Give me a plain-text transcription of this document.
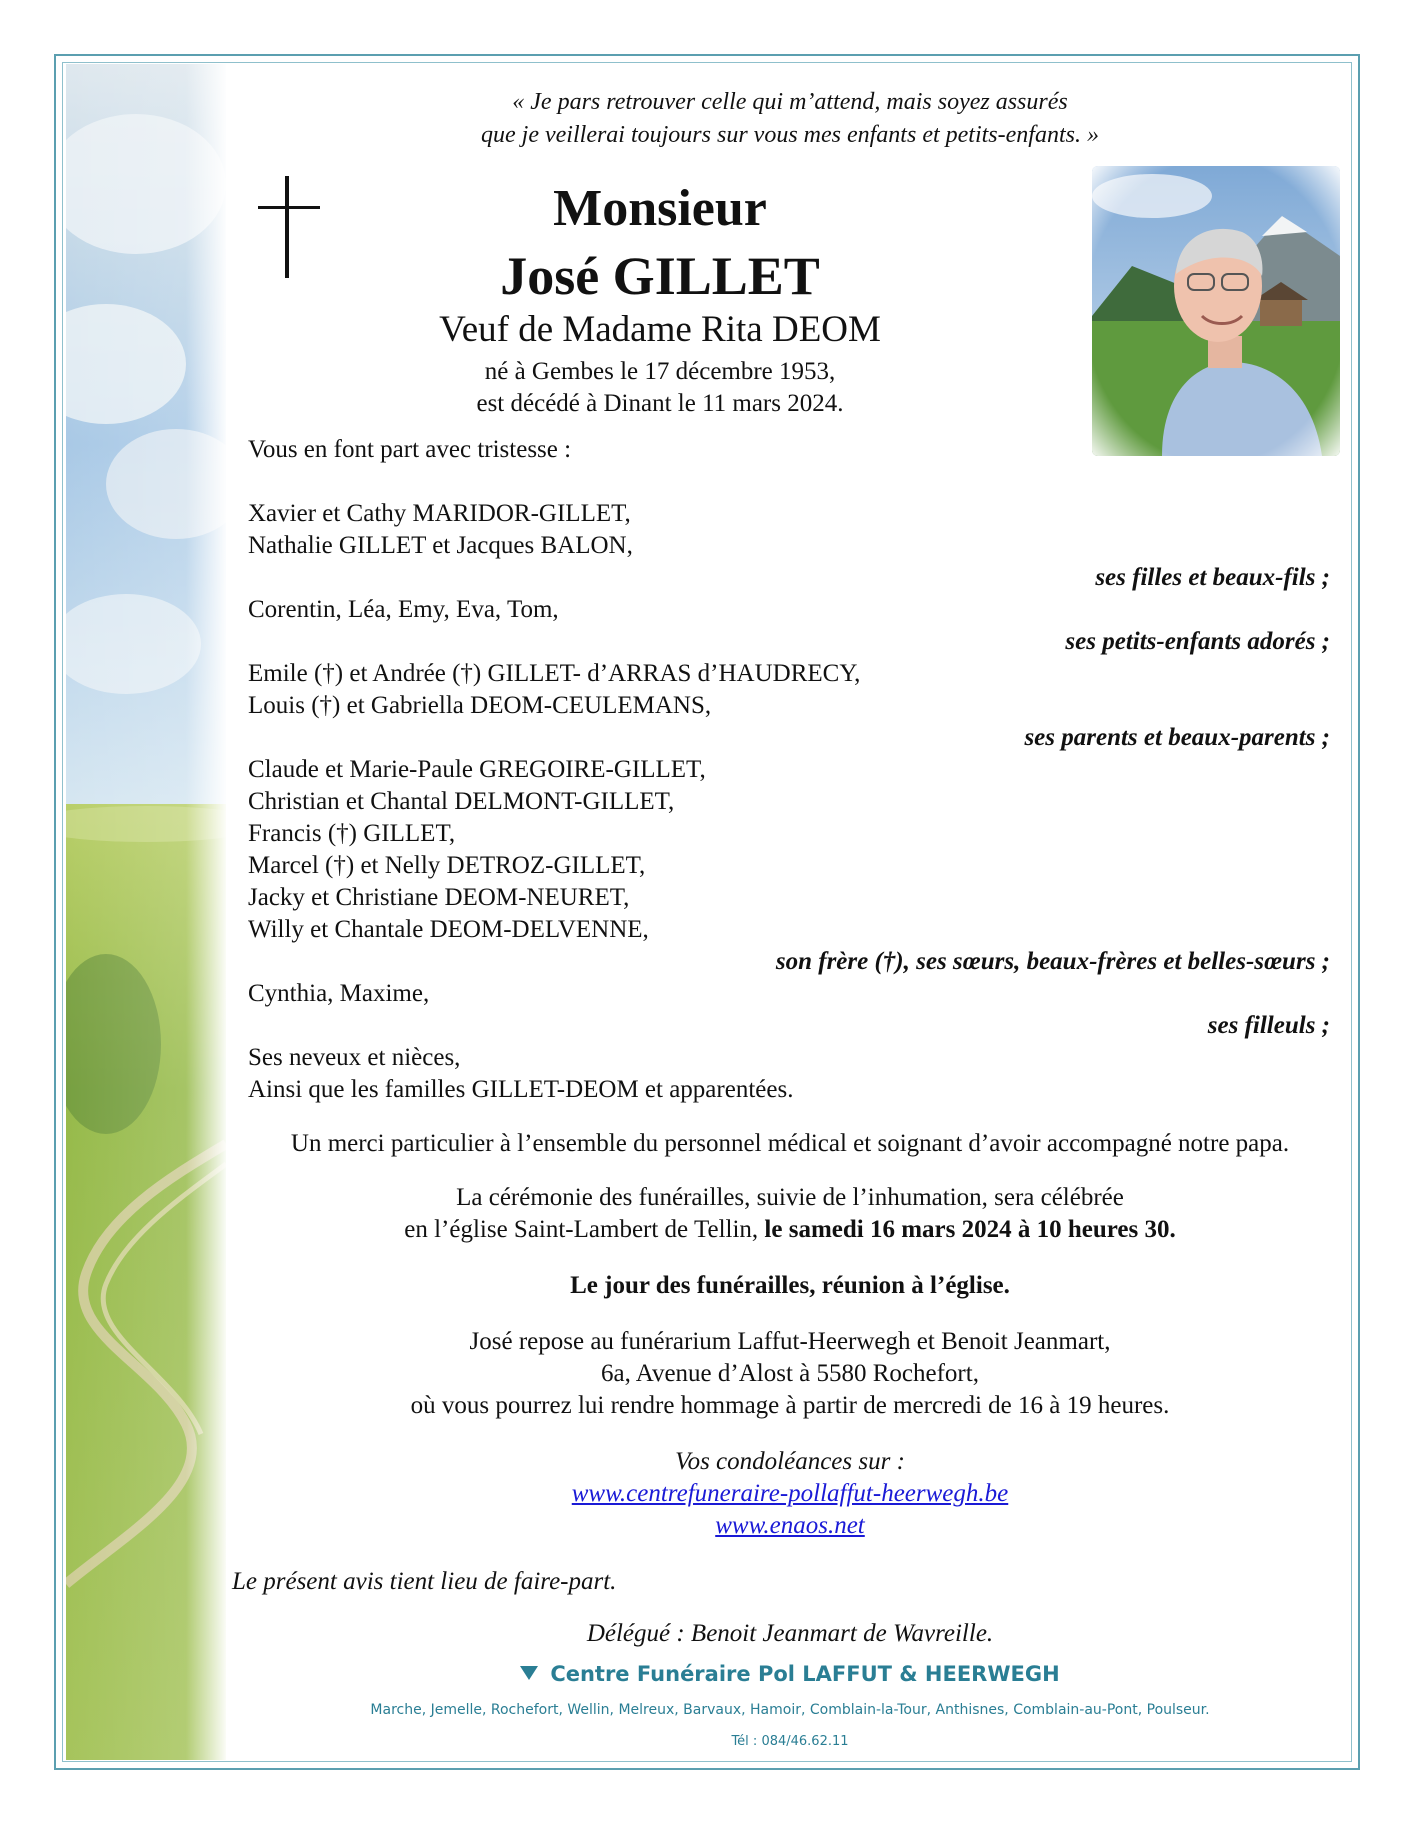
« Je pars retrouver celle qui m’attend, mais soyez assurés
que je veillerai toujours sur vous mes enfants et petits-enfants. »
Monsieur
José GILLET
Veuf de Madame Rita DEOM
né à Gembes le 17 décembre 1953,
est décédé à Dinant le 11 mars 2024.
Vous en font part avec tristesse :
Xavier et Cathy MARIDOR-GILLET,
Nathalie GILLET et Jacques BALON,
ses filles et beaux-fils ;
Corentin, Léa, Emy, Eva, Tom,
ses petits-enfants adorés ;
Emile (†) et Andrée (†) GILLET- d’ARRAS d’HAUDRECY,
Louis (†) et Gabriella DEOM-CEULEMANS,
ses parents et beaux-parents ;
Claude et Marie-Paule GREGOIRE-GILLET,
Christian et Chantal DELMONT-GILLET,
Francis (†) GILLET,
Marcel (†) et Nelly DETROZ-GILLET,
Jacky et Christiane DEOM-NEURET,
Willy et Chantale DEOM-DELVENNE,
son frère (†), ses sœurs, beaux-frères et belles-sœurs ;
Cynthia, Maxime,
ses filleuls ;
Ses neveux et nièces,
Ainsi que les familles GILLET-DEOM et apparentées.
Un merci particulier à l’ensemble du personnel médical et soignant d’avoir accompagné notre papa.
La cérémonie des funérailles, suivie de l’inhumation, sera célébrée
en l’église Saint-Lambert de Tellin, le samedi 16 mars 2024 à 10 heures 30.
Le jour des funérailles, réunion à l’église.
José repose au funérarium Laffut-Heerwegh et Benoit Jeanmart,
6a, Avenue d’Alost à 5580 Rochefort,
où vous pourrez lui rendre hommage à partir de mercredi de 16 à 19 heures.
Vos condoléances sur :
www.centrefuneraire-pollaffut-heerwegh.be
www.enaos.net
Le présent avis tient lieu de faire-part.
Délégué : Benoit Jeanmart de Wavreille.
Centre Funéraire Pol LAFFUT & HEERWEGH
Marche, Jemelle, Rochefort, Wellin, Melreux, Barvaux, Hamoir, Comblain-la-Tour, Anthisnes, Comblain-au-Pont, Poulseur.
Tél : 084/46.62.11
